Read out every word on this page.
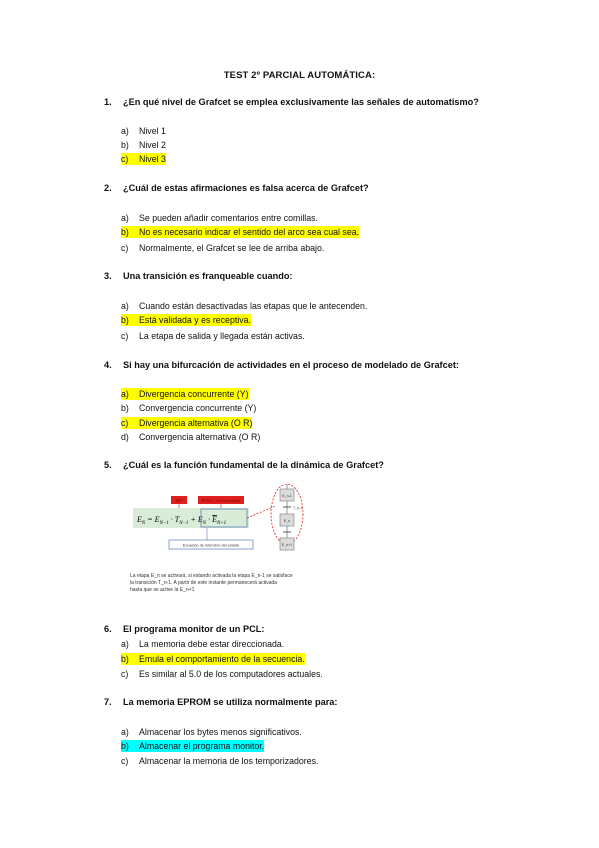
TEST 2º PARCIAL AUTOMÁTICA:
1.	¿En qué nivel de Grafcet se emplea exclusivamente las señales de automatismo?
a) Nivel 1
b) Nivel 2
c) Nivel 3
2.	¿Cuál de estas afirmaciones es falsa acerca de Grafcet?
a) Se pueden añadir comentarios entre comillas.
b) No es necesario indicar el sentido del arco sea cual sea.
c) Normalmente, el Grafcet se lee de arriba abajo.
3.	Una transición es franqueable cuando:
a) Cuando están desactivadas las etapas que le antecenden.
b) Está validada y es receptiva.
c) La etapa de salida y llegada están activas.
4.	Si hay una bifurcación de actividades en el proceso de modelado de Grafcet:
a) Divergencia concurrente (Y)
b) Convergencia concurrente (Y)
c) Divergencia alternativa (O R)
d) Convergencia alternativa (O R)
5.	¿Cuál es la función fundamental de la dinámica de Grafcet?
SET	RESET / Enclavamiento
$E_N = E_{N-1} \cdot T_{N-1} + E_N \cdot E_{N+1}$
Ecuación de retención del estado
E_n-1
T_n-1
E_n
E_n+1
La etapa E_n se activará, si estando activada la etapa E_n-1 se satisface
la transición T_n-1. A partir de este instante permanecerá activada
hasta que se active la E_n+1
6.	El programa monitor de un PCL:
a) La memoria debe estar direccionada.
b) Emula el comportamiento de la secuencia.
c) Es similar al 5.0 de los computadores actuales.
7.	La memoria EPROM se utiliza normalmente para:
a) Almacenar los bytes menos significativos.
b) Almacenar el programa monitor.
c) Almacenar la memoria de los temporizadores.
